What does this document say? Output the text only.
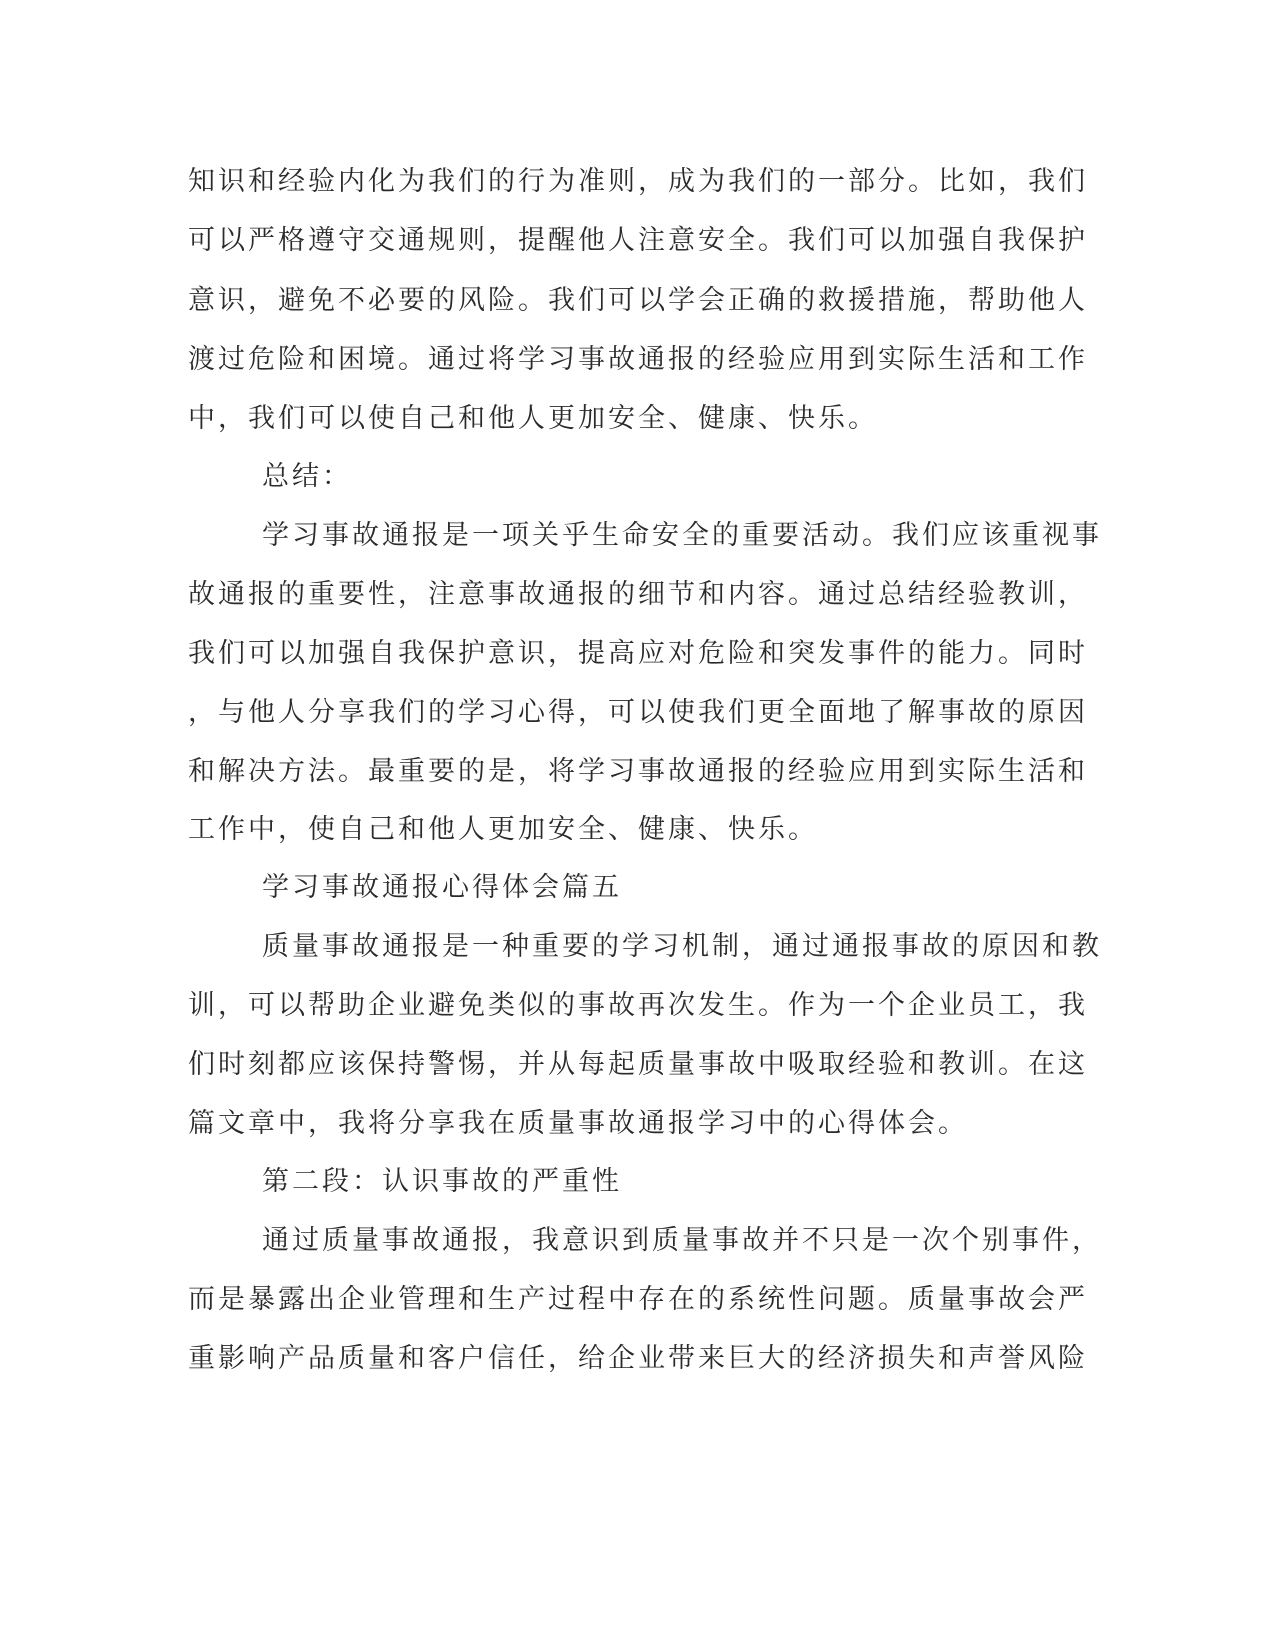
知识和经验内化为我们的行为准则，成为我们的一部分。比如，我们

可以严格遵守交通规则，提醒他人注意安全。我们可以加强自我保护

意识，避免不必要的风险。我们可以学会正确的救援措施，帮助他人

渡过危险和困境。通过将学习事故通报的经验应用到实际生活和工作

中，我们可以使自己和他人更加安全、健康、快乐。

总结：

学习事故通报是一项关乎生命安全的重要活动。我们应该重视事

故通报的重要性，注意事故通报的细节和内容。通过总结经验教训，

我们可以加强自我保护意识，提高应对危险和突发事件的能力。同时

，与他人分享我们的学习心得，可以使我们更全面地了解事故的原因

和解决方法。最重要的是，将学习事故通报的经验应用到实际生活和

工作中，使自己和他人更加安全、健康、快乐。

学习事故通报心得体会篇五

质量事故通报是一种重要的学习机制，通过通报事故的原因和教

训，可以帮助企业避免类似的事故再次发生。作为一个企业员工，我

们时刻都应该保持警惕，并从每起质量事故中吸取经验和教训。在这

篇文章中，我将分享我在质量事故通报学习中的心得体会。

第二段：认识事故的严重性

通过质量事故通报，我意识到质量事故并不只是一次个别事件，

而是暴露出企业管理和生产过程中存在的系统性问题。质量事故会严

重影响产品质量和客户信任，给企业带来巨大的经济损失和声誉风险
